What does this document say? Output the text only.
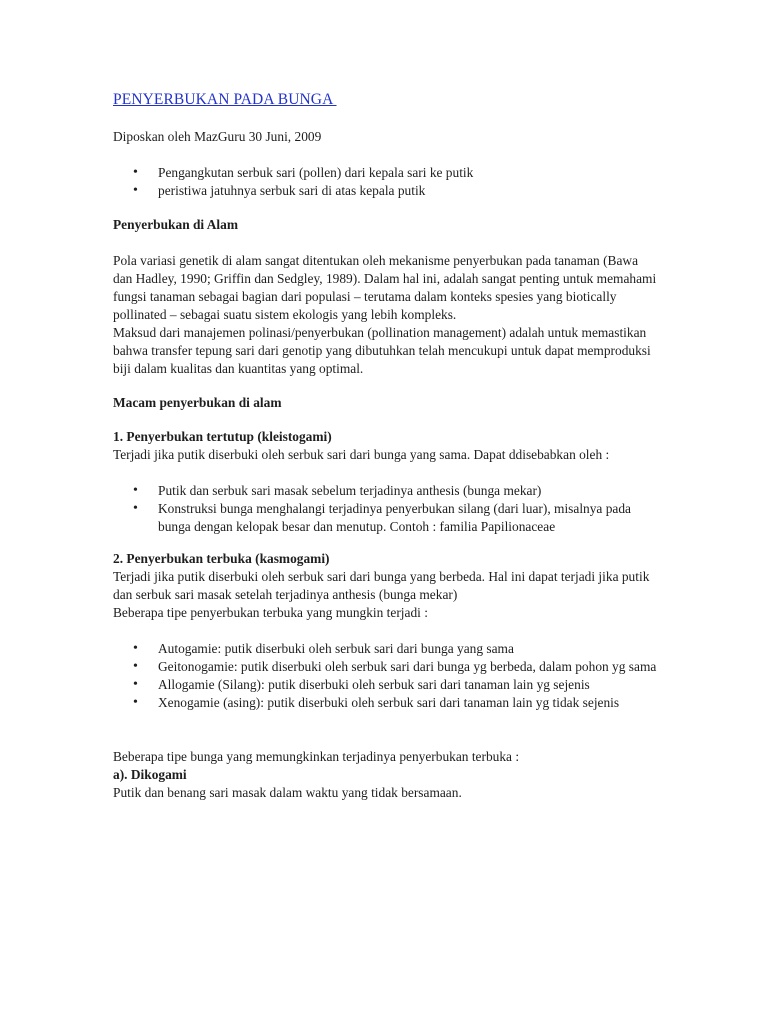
PENYERBUKAN PADA BUNGA

Diposkan oleh MazGuru 30 Juni, 2009

• Pengangkutan serbuk sari (pollen) dari kepala sari ke putik
• peristiwa jatuhnya serbuk sari di atas kepala putik

Penyerbukan di Alam

Pola variasi genetik di alam sangat ditentukan oleh mekanisme penyerbukan pada tanaman (Bawa dan Hadley, 1990; Griffin dan Sedgley, 1989). Dalam hal ini, adalah sangat penting untuk memahami fungsi tanaman sebagai bagian dari populasi – terutama dalam konteks spesies yang biotically pollinated – sebagai suatu sistem ekologis yang lebih kompleks.

Maksud dari manajemen polinasi/penyerbukan (pollination management) adalah untuk memastikan bahwa transfer tepung sari dari genotip yang dibutuhkan telah mencukupi untuk dapat memproduksi biji dalam kualitas dan kuantitas yang optimal.

Macam penyerbukan di alam

1. Penyerbukan tertutup (kleistogami)

Terjadi jika putik diserbuki oleh serbuk sari dari bunga yang sama. Dapat ddisebabkan oleh :

• Putik dan serbuk sari masak sebelum terjadinya anthesis (bunga mekar)
• Konstruksi bunga menghalangi terjadinya penyerbukan silang (dari luar), misalnya pada bunga dengan kelopak besar dan menutup. Contoh : familia Papilionaceae

2. Penyerbukan terbuka (kasmogami)

Terjadi jika putik diserbuki oleh serbuk sari dari bunga yang berbeda. Hal ini dapat terjadi jika putik dan serbuk sari masak setelah terjadinya anthesis (bunga mekar)

Beberapa tipe penyerbukan terbuka yang mungkin terjadi :

• Autogamie: putik diserbuki oleh serbuk sari dari bunga yang sama
• Geitonogamie: putik diserbuki oleh serbuk sari dari bunga yg berbeda, dalam pohon yg sama
• Allogamie (Silang): putik diserbuki oleh serbuk sari dari tanaman lain yg sejenis
• Xenogamie (asing): putik diserbuki oleh serbuk sari dari tanaman lain yg tidak sejenis

Beberapa tipe bunga yang memungkinkan terjadinya penyerbukan terbuka :

a). Dikogami

Putik dan benang sari masak dalam waktu yang tidak bersamaan.
